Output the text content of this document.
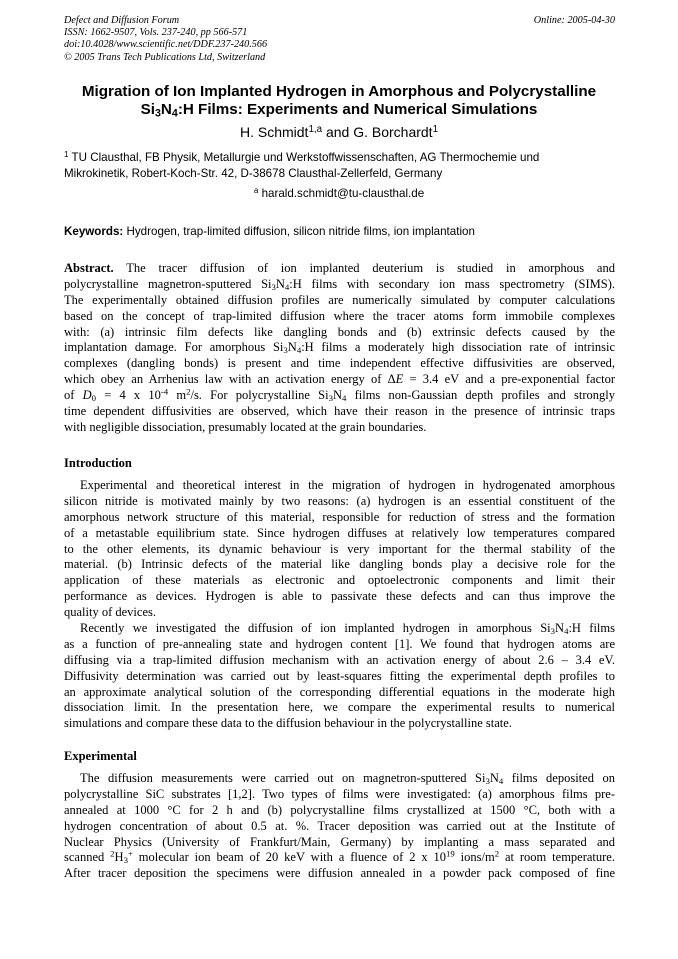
Defect and Diffusion Forum
ISSN: 1662-9507, Vols. 237-240, pp 566-571
doi:10.4028/www.scientific.net/DDF.237-240.566
© 2005 Trans Tech Publications Ltd, Switzerland
Online: 2005-04-30
Migration of Ion Implanted Hydrogen in Amorphous and Polycrystalline
$Si_3N_4:H$ Films: Experiments and Numerical Simulations
H. Schmidt$^{1,a}$ and G. Borchardt$^1$
$^1$ TU Clausthal, FB Physik, Metallurgie und Werkstoffwissenschaften, AG Thermochemie und
Mikrokinetik, Robert-Koch-Str. 42, D-38678 Clausthal-Zellerfeld, Germany
$^a$ harald.schmidt@tu-clausthal.de
Keywords: Hydrogen, trap-limited diffusion, silicon nitride films, ion implantation
Abstract. The tracer diffusion of ion implanted deuterium is studied in amorphous and
polycrystalline magnetron-sputtered $Si_3N_4:H$ films with secondary ion mass spectrometry (SIMS).
The experimentally obtained diffusion profiles are numerically simulated by computer calculations
based on the concept of trap-limited diffusion where the tracer atoms form immobile complexes
with: (a) intrinsic film defects like dangling bonds and (b) extrinsic defects caused by the
implantation damage. For amorphous $Si_3N_4:H$ films a moderately high dissociation rate of intrinsic
complexes (dangling bonds) is present and time independent effective diffusivities are observed,
which obey an Arrhenius law with an activation energy of ΔE = 3.4 eV and a pre-exponential factor
of $D_0 = 4$ x $10^{-4}$ $m^2/s$. For polycrystalline $Si_3N_4$ films non-Gaussian depth profiles and strongly
time dependent diffusivities are observed, which have their reason in the presence of intrinsic traps
with negligible dissociation, presumably located at the grain boundaries.
Introduction
Experimental and theoretical interest in the migration of hydrogen in hydrogenated amorphous
silicon nitride is motivated mainly by two reasons: (a) hydrogen is an essential constituent of the
amorphous network structure of this material, responsible for reduction of stress and the formation
of a metastable equilibrium state. Since hydrogen diffuses at relatively low temperatures compared
to the other elements, its dynamic behaviour is very important for the thermal stability of the
material. (b) Intrinsic defects of the material like dangling bonds play a decisive role for the
application of these materials as electronic and optoelectronic components and limit their
performance as devices. Hydrogen is able to passivate these defects and can thus improve the
quality of devices.
Recently we investigated the diffusion of ion implanted hydrogen in amorphous $Si_3N_4:H$ films
as a function of pre-annealing state and hydrogen content [1]. We found that hydrogen atoms are
diffusing via a trap-limited diffusion mechanism with an activation energy of about 2.6 – 3.4 eV.
Diffusivity determination was carried out by least-squares fitting the experimental depth profiles to
an approximate analytical solution of the corresponding differential equations in the moderate high
dissociation limit. In the presentation here, we compare the experimental results to numerical
simulations and compare these data to the diffusion behaviour in the polycrystalline state.
Experimental
The diffusion measurements were carried out on magnetron-sputtered $Si_3N_4$ films deposited on
polycrystalline SiC substrates [1,2]. Two types of films were investigated: (a) amorphous films pre-
annealed at 1000 °C for 2 h and (b) polycrystalline films crystallized at 1500 °C, both with a
hydrogen concentration of about 0.5 at. %. Tracer deposition was carried out at the Institute of
Nuclear Physics (University of Frankfurt/Main, Germany) by implanting a mass separated and
scanned $^2H_3^+$ molecular ion beam of 20 keV with a fluence of 2 x $10^{19}$ ions/$m^2$ at room temperature.
After tracer deposition the specimens were diffusion annealed in a powder pack composed of fine
